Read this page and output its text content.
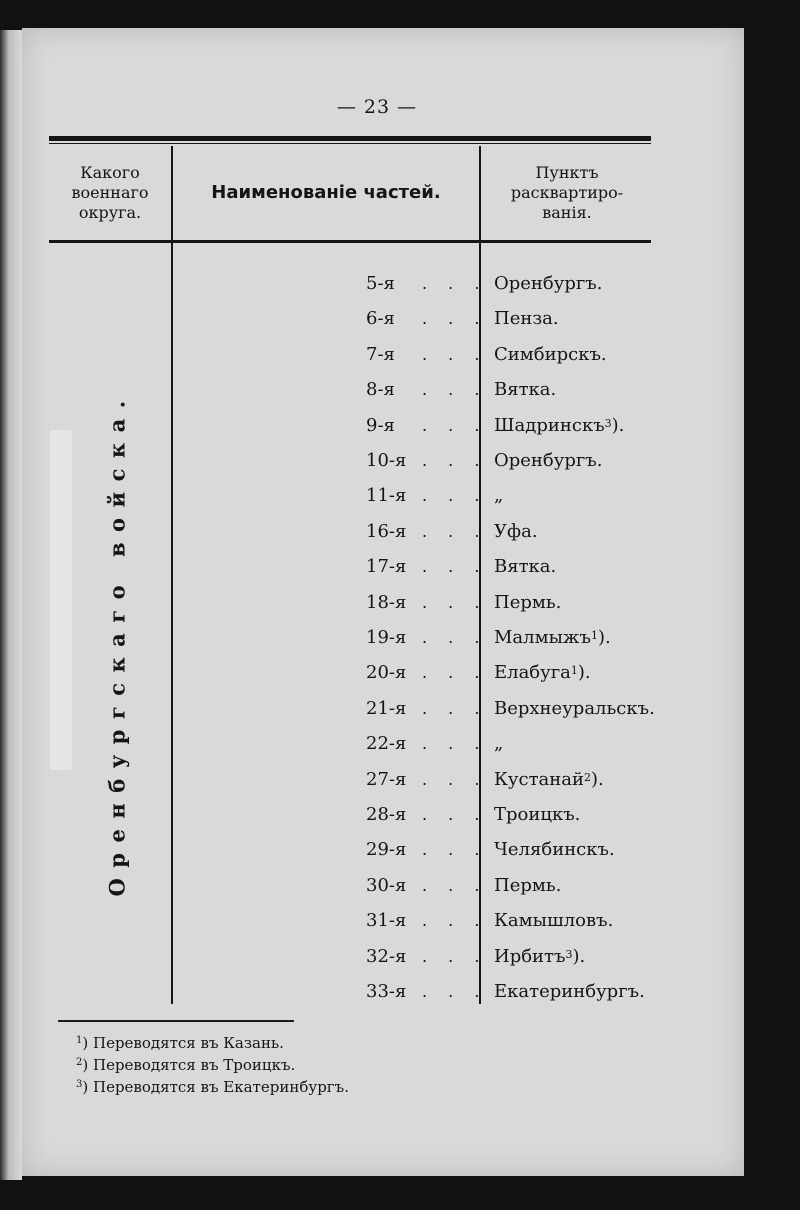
— 23 —
Какого
военнаго
округа.
Наименованіе частей.
Пунктъ
расквартиро-
ванія.
Оренбургскаго войска.
5-я . . . Оренбургъ.
6-я . . . Пенза.
7-я . . . Симбирскъ.
8-я . . . Вятка.
9-я . . . Шадринскъ$^3$).
10-я . . . Оренбургъ.
11-я . . . „
16-я . . . Уфа.
17-я . . . Вятка.
18-я . . . Пермь.
19-я . . . Малмыжъ$^1$).
20-я . . . Елабуга$^1$).
21-я . . . Верхнеуральскъ.
22-я . . . „
27-я . . . Кустанай$^2$).
28-я . . . Троицкъ.
29-я . . . Челябинскъ.
30-я . . . Пермь.
31-я . . . Камышловъ.
32-я . . . Ирбитъ$^3$).
33-я . . . Екатеринбургъ.
$^1$) Переводятся въ Казань.
$^2$) Переводятся въ Троицкъ.
$^3$) Переводятся въ Екатеринбургъ.
